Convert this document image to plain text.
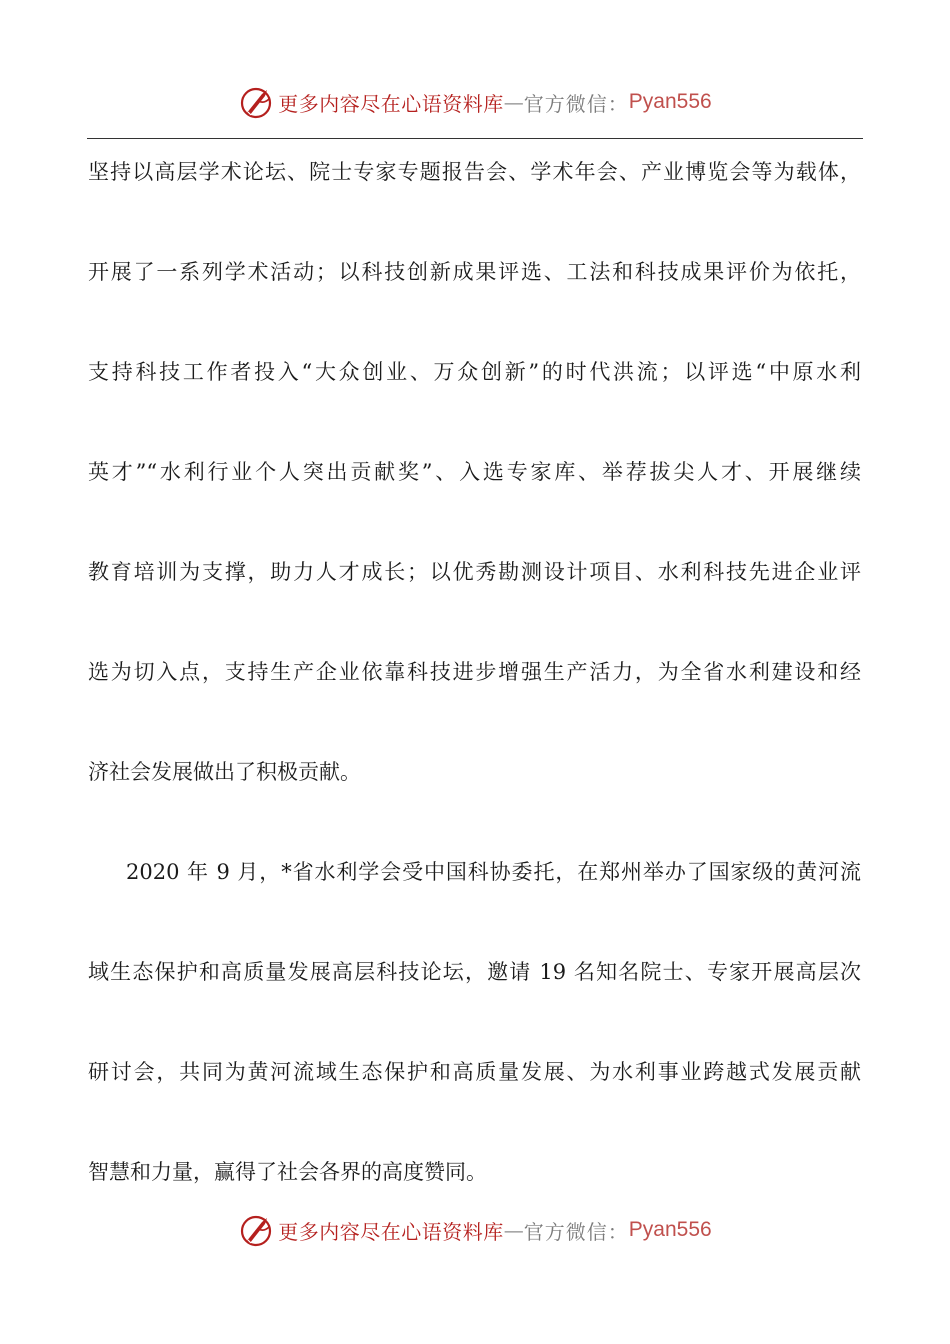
更多内容尽在心语资料库 — 官方微信： Pyan556
坚持以高层学术论坛、院士专家专题报告会、学术年会、产业博览会等为载体，
开展了一系列学术活动；以科技创新成果评选、工法和科技成果评价为依托，
支持科技工作者投入“大众创业、万众创新”的时代洪流；以评选“中原水利
英才”“水利行业个人突出贡献奖”、入选专家库、举荐拔尖人才、开展继续
教育培训为支撑，助力人才成长；以优秀勘测设计项目、水利科技先进企业评
选为切入点，支持生产企业依靠科技进步增强生产活力，为全省水利建设和经
济社会发展做出了积极贡献。
2020 年 9 月，*省水利学会受中国科协委托，在郑州举办了国家级的黄河流
域生态保护和高质量发展高层科技论坛，邀请 19 名知名院士、专家开展高层次
研讨会，共同为黄河流域生态保护和高质量发展、为水利事业跨越式发展贡献
智慧和力量，赢得了社会各界的高度赞同。
更多内容尽在心语资料库 — 官方微信： Pyan556
